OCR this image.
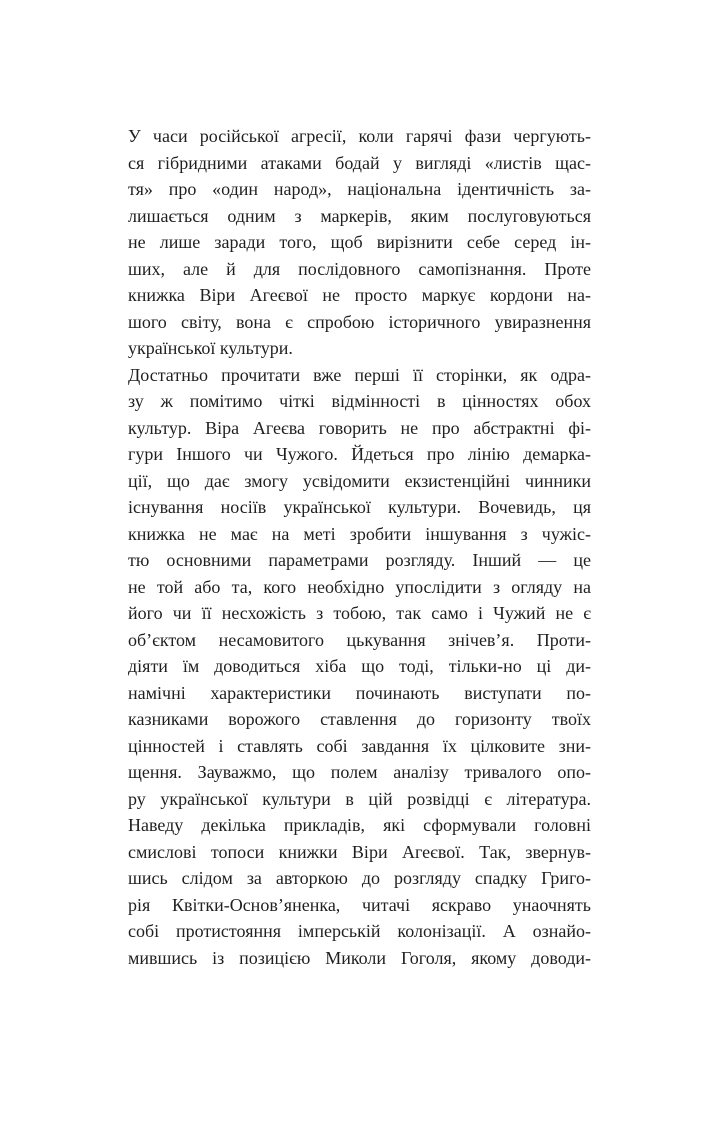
У часи російської агресії, коли гарячі фази чергують-
ся гібридними атаками бодай у вигляді «листів щас-
тя» про «один народ», національна ідентичність за-
лишається одним з маркерів, яким послуговуються
не лише заради того, щоб вирізнити себе серед ін-
ших, але й для послідовного самопізнання. Проте
книжка Віри Агеєвої не просто маркує кордони на-
шого світу, вона є спробою історичного увиразнення
української культури.
Достатньо прочитати вже перші її сторінки, як одра-
зу ж помітимо чіткі відмінності в цінностях обох
культур. Віра Агеєва говорить не про абстрактні фі-
гури Іншого чи Чужого. Йдеться про лінію демарка-
ції, що дає змогу усвідомити екзистенційні чинники
існування носіїв української культури. Вочевидь, ця
книжка не має на меті зробити іншування з чужіс-
тю основними параметрами розгляду. Інший — це
не той або та, кого необхідно упослідити з огляду на
його чи її несхожість з тобою, так само і Чужий не є
об’єктом несамовитого цькування знічев’я. Проти-
діяти їм доводиться хіба що тоді, тільки-но ці ди-
намічні характеристики починають виступати по-
казниками ворожого ставлення до горизонту твоїх
цінностей і ставлять собі завдання їх цілковите зни-
щення. Зауважмо, що полем аналізу тривалого опо-
ру української культури в цій розвідці є література.
Наведу декілька прикладів, які сформували головні
смислові топоси книжки Віри Агеєвої. Так, звернув-
шись слідом за авторкою до розгляду спадку Григо-
рія Квітки-Основ’яненка, читачі яскраво унаочнять
собі протистояння імперській колонізації. А ознайо-
мившись із позицією Миколи Гоголя, якому доводи-
